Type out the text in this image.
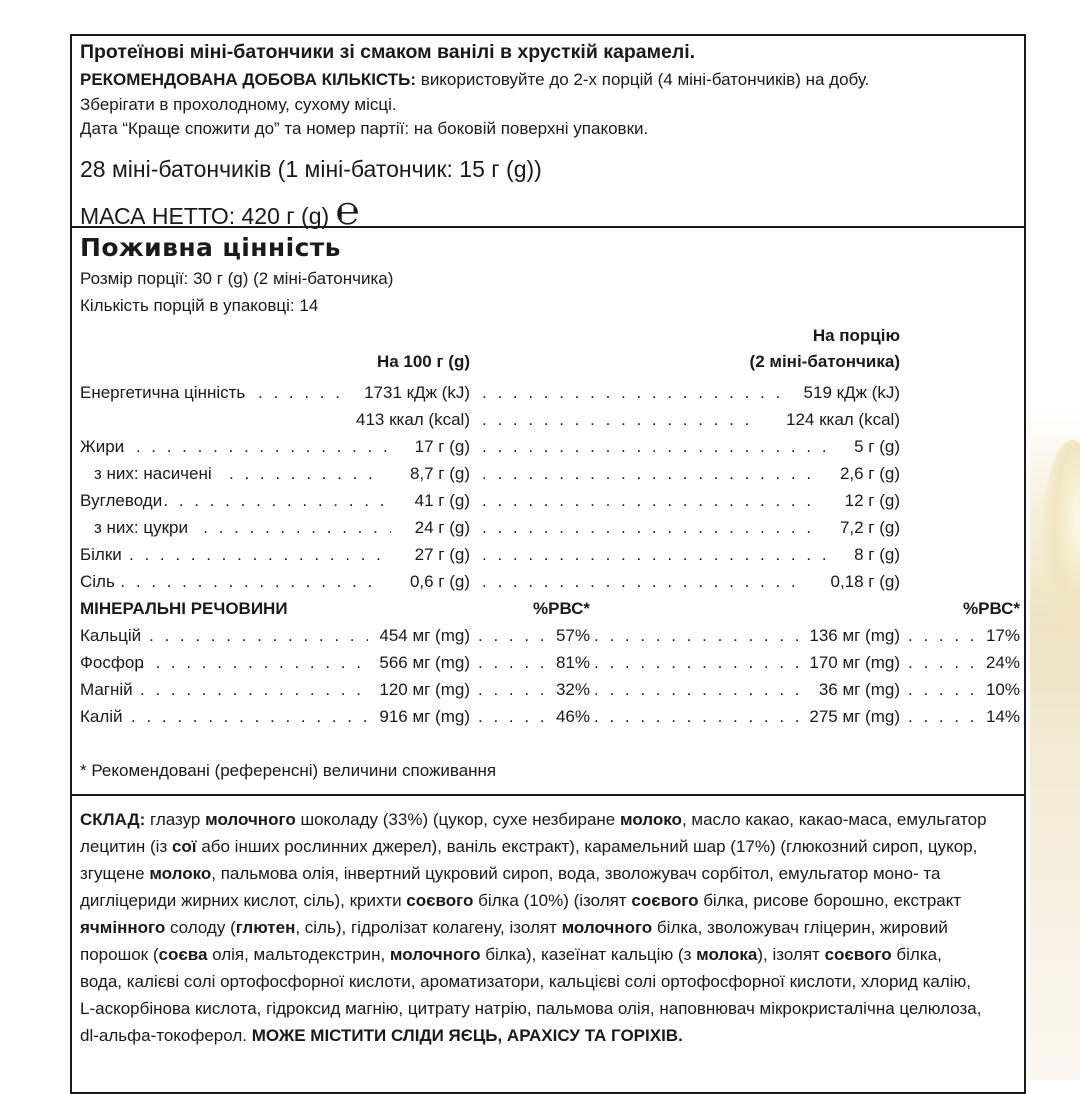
Протеїнові міні-батончики зі смаком ванілі в хрусткій карамелі.
РЕКОМЕНДОВАНА ДОБОВА КІЛЬКІСТЬ: використовуйте до 2-х порцій (4 міні-батончиків) на добу.
Зберігати в прохолодному, сухому місці.
Дата “Краще спожити до” та номер партії: на боковій поверхні упаковки.
28 міні-батончиків (1 міні-батончик: 15 г (g))
МАСА НЕТТО: 420 г (g) ℮
Поживна цінність
Розмір порції: 30 г (g) (2 міні-батончика)
Кількість порцій в упаковці: 14
На порцію
На 100 г (g)	(2 міні-батончика)
Енергетична цінність . . .	1731 кДж (kJ) . . .	519 кДж (kJ)
413 ккал (kcal) . . .	124 ккал (kcal)
Жири . . .	17 г (g) . . .	5 г (g)
з них: насичені . . .	8,7 г (g) . . .	2,6 г (g)
Вуглеводи . . .	41 г (g) . . .	12 г (g)
з них: цукри . . .	24 г (g) . . .	7,2 г (g)
Білки . . .	27 г (g) . . .	8 г (g)
Сіль . . .	0,6 г (g) . . .	0,18 г (g)
МІНЕРАЛЬНІ РЕЧОВИНИ	%РВС*	%РВС*
Кальцій . . .	454 мг (mg) . . .	57% . . .	136 мг (mg) . . .	17%
Фосфор . . .	566 мг (mg) . . .	81% . . .	170 мг (mg) . . .	24%
Магній . . .	120 мг (mg) . . .	32% . . .	36 мг (mg) . . .	10%
Калій . . .	916 мг (mg) . . .	46% . . .	275 мг (mg) . . .	14%
* Рекомендовані (референсні) величини споживання
СКЛАД: глазур молочного шоколаду (33%) (цукор, сухе незбиране молоко, масло какао, какао-маса, емульгатор
лецитин (із сої або інших рослинних джерел), ваніль екстракт), карамельний шар (17%) (глюкозний сироп, цукор,
згущене молоко, пальмова олія, інвертний цукровий сироп, вода, зволожувач сорбітол, емульгатор моно- та
дигліцериди жирних кислот, сіль), крихти соєвого білка (10%) (ізолят соєвого білка, рисове борошно, екстракт
ячмінного солоду (глютен, сіль), гідролізат колагену, ізолят молочного білка, зволожувач гліцерин, жировий
порошок (соєва олія, мальтодекстрин, молочного білка), казеїнат кальцію (з молока), ізолят соєвого білка,
вода, калієві солі ортофосфорної кислоти, ароматизатори, кальцієві солі ортофосфорної кислоти, хлорид калію,
L-аскорбінова кислота, гідроксид магнію, цитрату натрію, пальмова олія, наповнювач мікрокристалічна целюлоза,
dl-альфа-токоферол. МОЖЕ МІСТИТИ СЛІДИ ЯЄЦЬ, АРАХІСУ ТА ГОРІХІВ.
